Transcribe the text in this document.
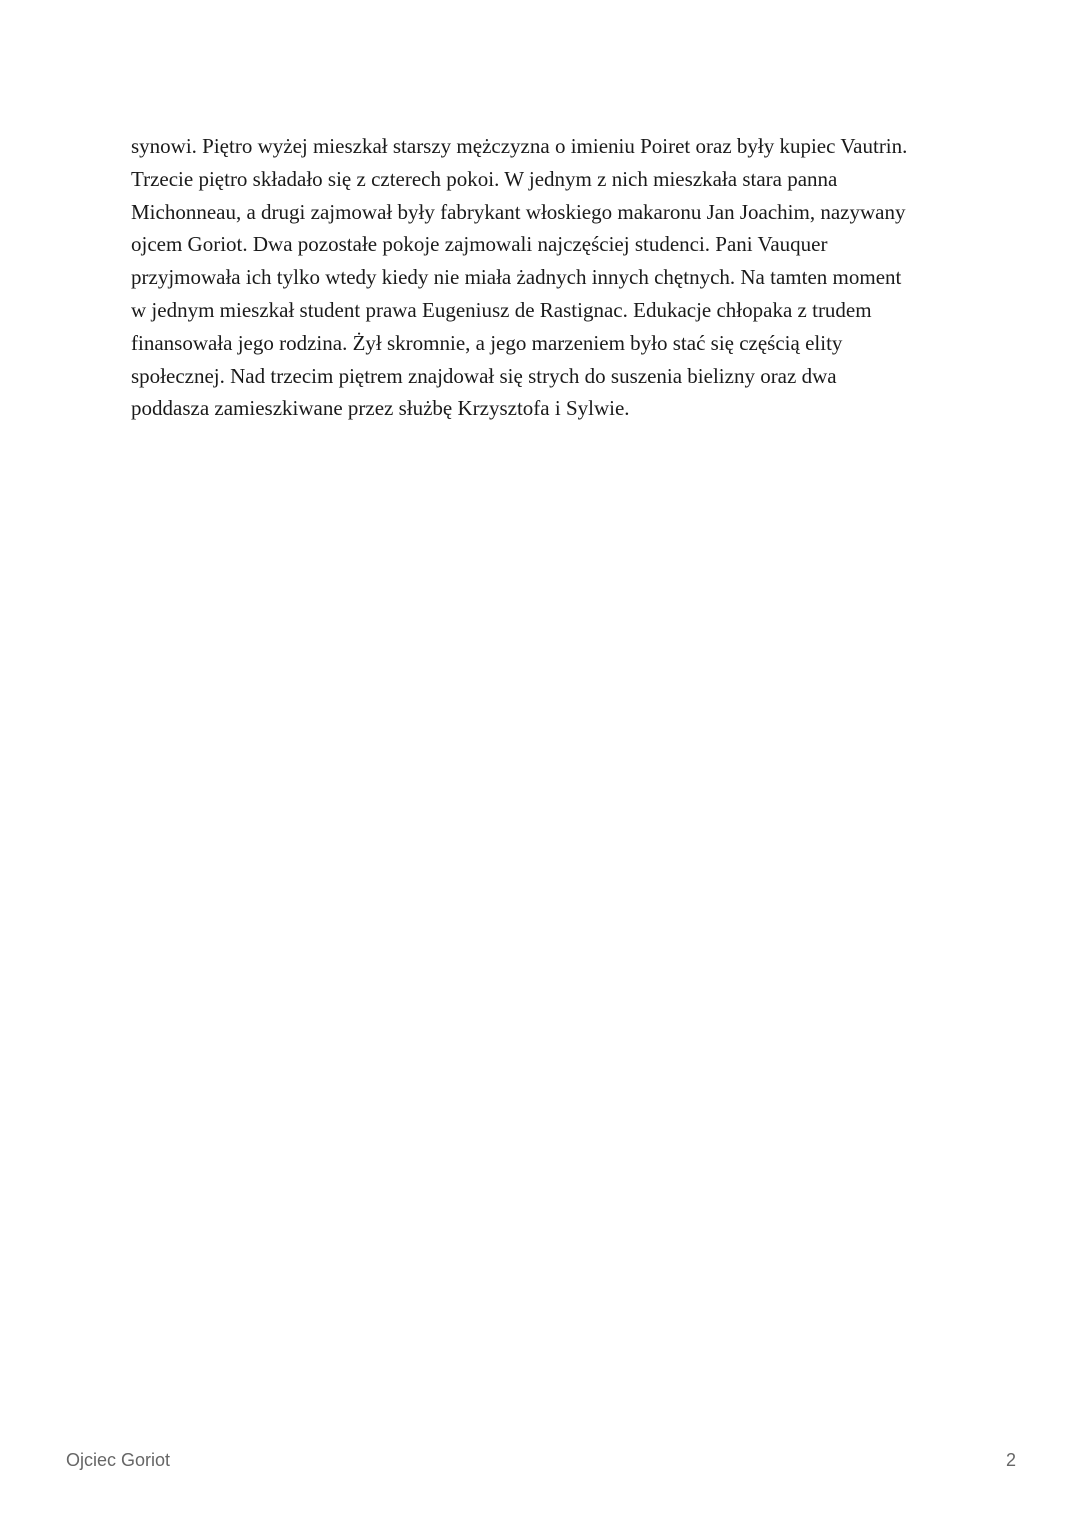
synowi. Piętro wyżej mieszkał starszy mężczyzna o imieniu Poiret oraz były kupiec Vautrin.
Trzecie piętro składało się z czterech pokoi. W jednym z nich mieszkała stara panna
Michonneau, a drugi zajmował były fabrykant włoskiego makaronu Jan Joachim, nazywany
ojcem Goriot. Dwa pozostałe pokoje zajmowali najczęściej studenci. Pani Vauquer
przyjmowała ich tylko wtedy kiedy nie miała żadnych innych chętnych. Na tamten moment
w jednym mieszkał student prawa Eugeniusz de Rastignac. Edukacje chłopaka z trudem
finansowała jego rodzina. Żył skromnie, a jego marzeniem było stać się częścią elity
społecznej. Nad trzecim piętrem znajdował się strych do suszenia bielizny oraz dwa
poddasza zamieszkiwane przez służbę Krzysztofa i Sylwie.

Ojciec Goriot	2
